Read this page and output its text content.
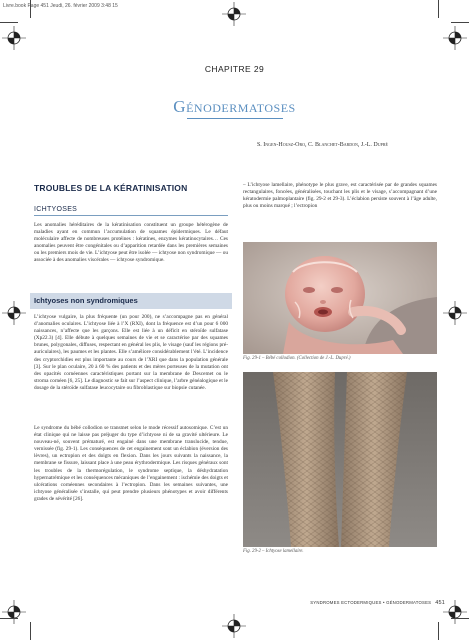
Livre.book Page 451 Jeudi, 26. février 2009 3:48 15
CHAPITRE 29
Génodermatoses
S. Ingen-Housz-Oro, C. Blanchet-Bardon, J.-L. Dupré
TROUBLES DE LA KÉRATINISATION
ICHTYOSES
Les anomalies héréditaires de la kératinisation constituent un groupe hétérogène de maladies ayant en commun l’accumulation de squames épidermiques. Le défaut moléculaire affecte de nombreuses protéines : kératines, enzymes kératinocytaires… Ces anomalies peuvent être congénitales ou d’apparition retardée dans les premières semaines ou les premiers mois de vie. L’ichtyose peut être isolée — ichtyose non syndromique — ou associée à des anomalies viscérales — ichtyose syndromique.
Ichtyoses non syndromiques
L’ichtyose vulgaire, la plus fréquente (un pour 200), ne s’accompagne pas en général d’anomalies oculaires. L’ichtyose liée à l’X (RXI), dont la fréquence est d’un pour 6 000 naissances, n’affecte que les garçons. Elle est liée à un déficit en stéroïde sulfatase (Xp22.3) [4]. Elle débute à quelques semaines de vie et se caractérise par des squames brunes, polygonales, diffuses, respectant en général les plis, le visage (sauf les régions pré-auriculaires), les paumes et les plantes. Elle s’améliore considérablement l’été. L’incidence des cryptorchidies est plus importante au cours de l’XRI que dans la population générale [3]. Sur le plan oculaire, 20 à 60 % des patients et des mères porteuses de la mutation ont des opacités cornéennes caractéristiques portant sur la membrane de Descemet ou le stroma cornéen [6, 25]. Le diagnostic se fait sur l’aspect clinique, l’arbre généalogique et le dosage de la stéroïde sulfatase leucocytaire ou fibroblastique sur biopsie cutanée.
Le syndrome du bébé collodion se transmet selon le mode récessif autosomique. C’est un état clinique qui ne laisse pas préjuger du type d’ichtyose ni de sa gravité ultérieure. Le nouveau-né, souvent prématuré, est engainé dans une membrane translucide, tendue, vernissée (fig. 29-1). Les conséquences de cet engainement sont un éclabion (éversion des lèvres), un ectropion et des doigts en flexion. Dans les jours suivants la naissance, la membrane se fissure, laissant place à une peau érythrodermique. Les risques généraux sont les troubles de la thermorégulation, le syndrome septique, la déshydratation hypernatrémique et les conséquences mécaniques de l’engainement : ischémie des doigts et ulcérations cornéennes secondaires à l’ectropion. Dans les semaines suivantes, une ichtyose généralisée s’installe, qui peut prendre plusieurs phénotypes et avoir différents grades de sévérité [26].
– L’ichtyose lamellaire, phénotype le plus grave, est caractérisée par de grandes squames rectangulaires, foncées, généralisées, touchant les plis et le visage, s’accompagnant d’une kératodermie palmoplantaire (fig. 29-2 et 29-3). L’éclabion persiste souvent à l’âge adulte, plus ou moins marqué ; l’ectropion
Fig. 29-1 – Bébé collodion. (Collection de J.-L. Dupré.)
Fig. 29-2 – Ichtyose lamellaire.
SYNDROMES ECTODERMIQUES • GÉNODERMATOSES 451
